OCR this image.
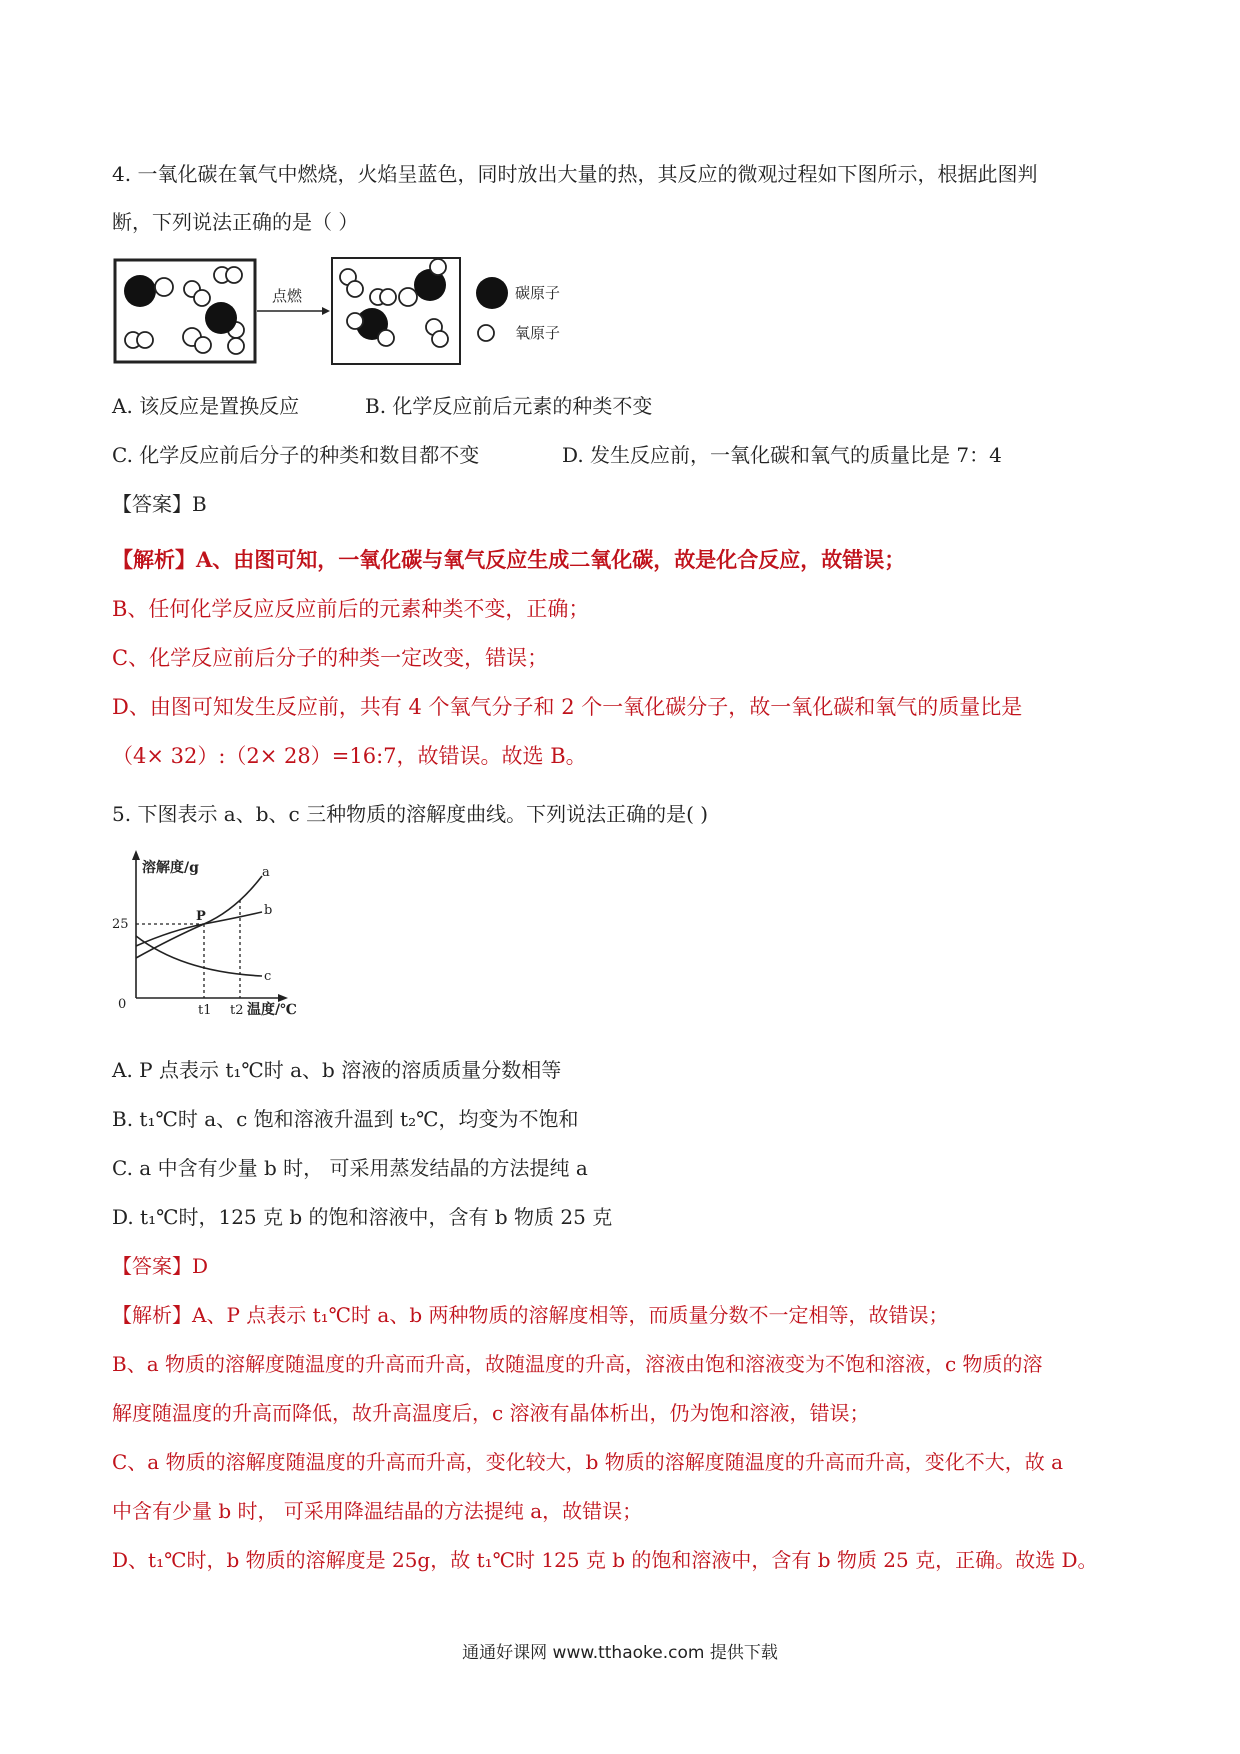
4. 一氧化碳在氧气中燃烧，火焰呈蓝色，同时放出大量的热，其反应的微观过程如下图所示，根据此图判
断，下列说法正确的是（ ）
点燃	碳原子
氧原子
A. 该反应是置换反应	B. 化学反应前后元素的种类不变
C. 化学反应前后分子的种类和数目都不变	D. 发生反应前，一氧化碳和氧气的质量比是 7：4
【答案】B
【解析】A、由图可知，一氧化碳与氧气反应生成二氧化碳，故是化合反应，故错误；
B、任何化学反应反应前后的元素种类不变，正确；
C、化学反应前后分子的种类一定改变，错误；
D、由图可知发生反应前，共有 4 个氧气分子和 2 个一氧化碳分子，故一氧化碳和氧气的质量比是
（4× 32）:（2× 28）=16:7，故错误。故选 B。
5. 下图表示 a、b、c 三种物质的溶解度曲线。下列说法正确的是( )
溶解度/g
温度/℃
0
25
a
b
c
P
t1 t2
A. P 点表示 t₁℃时 a、b 溶液的溶质质量分数相等
B. t₁℃时 a、c 饱和溶液升温到 t₂℃，均变为不饱和
C. a 中含有少量 b 时， 可采用蒸发结晶的方法提纯 a
D. t₁℃时，125 克 b 的饱和溶液中，含有 b 物质 25 克
【答案】D
【解析】A、P 点表示 t₁℃时 a、b 两种物质的溶解度相等，而质量分数不一定相等，故错误；
B、a 物质的溶解度随温度的升高而升高，故随温度的升高，溶液由饱和溶液变为不饱和溶液，c 物质的溶
解度随温度的升高而降低，故升高温度后，c 溶液有晶体析出，仍为饱和溶液，错误；
C、a 物质的溶解度随温度的升高而升高，变化较大，b 物质的溶解度随温度的升高而升高，变化不大，故 a
中含有少量 b 时， 可采用降温结晶的方法提纯 a，故错误；
D、t₁℃时，b 物质的溶解度是 25g，故 t₁℃时 125 克 b 的饱和溶液中，含有 b 物质 25 克，正确。故选 D。
通通好课网 www.tthaoke.com 提供下载
